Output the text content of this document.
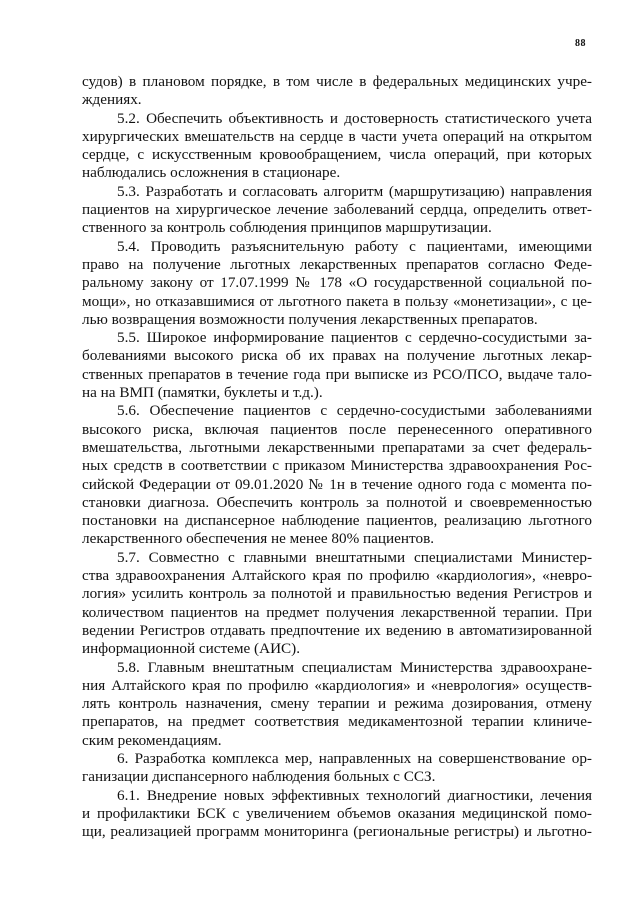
88
судов) в плановом порядке, в том числе в федеральных медицинских учре-
ждениях.
5.2. Обеспечить объективность и достоверность статистического учета
хирургических вмешательств на сердце в части учета операций на открытом
сердце, с искусственным кровообращением, числа операций, при которых
наблюдались осложнения в стационаре.
5.3. Разработать и согласовать алгоритм (маршрутизацию) направления
пациентов на хирургическое лечение заболеваний сердца, определить ответ-
ственного за контроль соблюдения принципов маршрутизации.
5.4. Проводить разъяснительную работу с пациентами, имеющими
право на получение льготных лекарственных препаратов согласно Феде-
ральному закону от 17.07.1999 № 178 «О государственной социальной по-
мощи», но отказавшимися от льготного пакета в пользу «монетизации», с це-
лью возвращения возможности получения лекарственных препаратов.
5.5. Широкое информирование пациентов с сердечно-сосудистыми за-
болеваниями высокого риска об их правах на получение льготных лекар-
ственных препаратов в течение года при выписке из РСО/ПСО, выдаче тало-
на на ВМП (памятки, буклеты и т.д.).
5.6. Обеспечение пациентов с сердечно-сосудистыми заболеваниями
высокого риска, включая пациентов после перенесенного оперативного
вмешательства, льготными лекарственными препаратами за счет федераль-
ных средств в соответствии с приказом Министерства здравоохранения Рос-
сийской Федерации от 09.01.2020 № 1н в течение одного года с момента по-
становки диагноза. Обеспечить контроль за полнотой и своевременностью
постановки на диспансерное наблюдение пациентов, реализацию льготного
лекарственного обеспечения не менее 80% пациентов.
5.7. Совместно с главными внештатными специалистами Министер-
ства здравоохранения Алтайского края по профилю «кардиология», «невро-
логия» усилить контроль за полнотой и правильностью ведения Регистров и
количеством пациентов на предмет получения лекарственной терапии. При
ведении Регистров отдавать предпочтение их ведению в автоматизированной
информационной системе (АИС).
5.8. Главным внештатным специалистам Министерства здравоохране-
ния Алтайского края по профилю «кардиология» и «неврология» осуществ-
лять контроль назначения, смену терапии и режима дозирования, отмену
препаратов, на предмет соответствия медикаментозной терапии клиниче-
ским рекомендациям.
6. Разработка комплекса мер, направленных на совершенствование ор-
ганизации диспансерного наблюдения больных с ССЗ.
6.1. Внедрение новых эффективных технологий диагностики, лечения
и профилактики БСК с увеличением объемов оказания медицинской помо-
щи, реализацией программ мониторинга (региональные регистры) и льготно-
